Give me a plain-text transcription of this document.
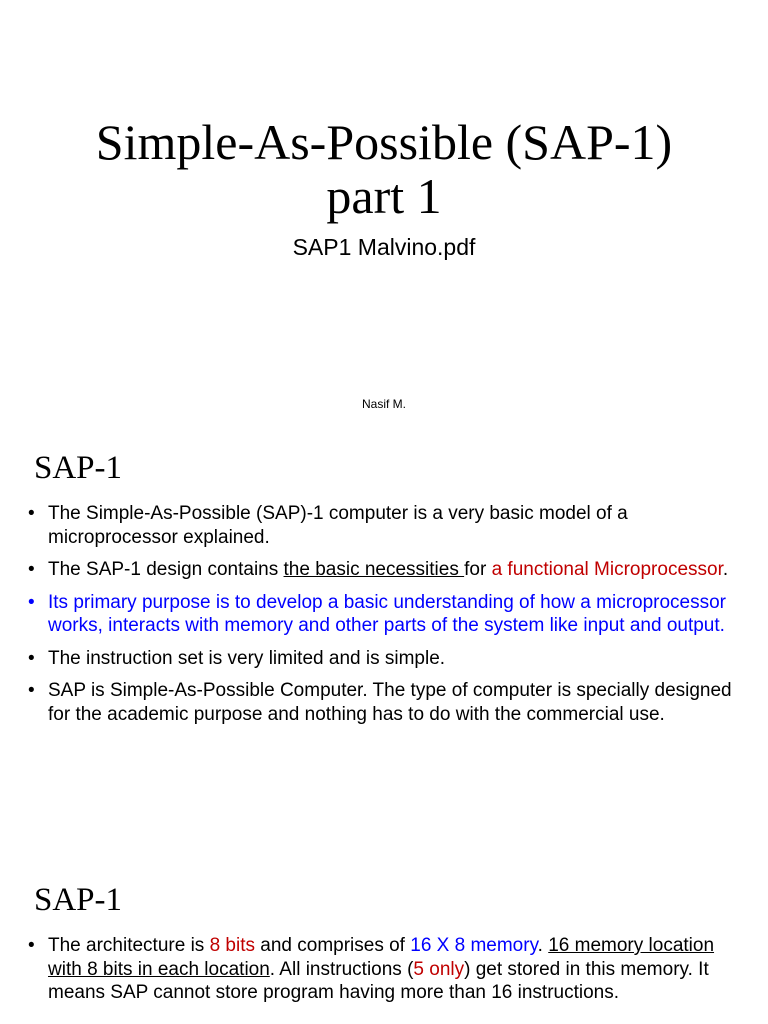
Simple-As-Possible (SAP-1)
part 1
SAP1 Malvino.pdf
Nasif M.
SAP-1
• The Simple-As-Possible (SAP)-1 computer is a very basic model of a microprocessor explained.
• The SAP-1 design contains the basic necessities for a functional Microprocessor.
• Its primary purpose is to develop a basic understanding of how a microprocessor works, interacts with memory and other parts of the system like input and output.
• The instruction set is very limited and is simple.
• SAP is Simple-As-Possible Computer. The type of computer is specially designed for the academic purpose and nothing has to do with the commercial use.
SAP-1
• The architecture is 8 bits and comprises of 16 X 8 memory. 16 memory location with 8 bits in each location. All instructions (5 only) get stored in this memory. It means SAP cannot store program having more than 16 instructions.
